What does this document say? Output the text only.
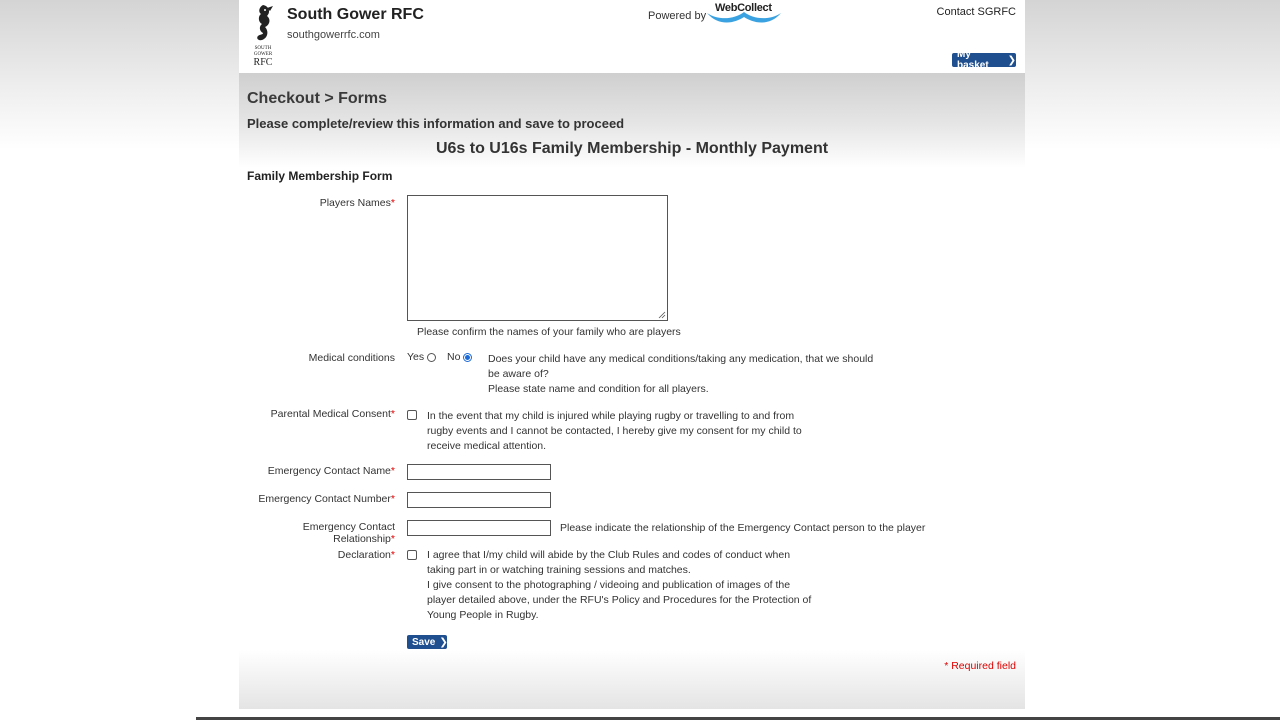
SOUTH
GOWER
RFC
South Gower RFC
southgowerrfc.com
Powered by
WebCollect	Contact SGRFC
My basket	❯
Checkout > Forms
Please complete/review this information and save to proceed
U6s to U16s Family Membership - Monthly Payment
Family Membership Form
Players Names*
Please confirm the names of your family who are players
Medical conditions Yes No	Does your child have any medical conditions/taking any medication, that we should
be aware of?
Please state name and condition for all players.
Parental Medical Consent*	In the event that my child is injured while playing rugby or travelling to and from
rugby events and I cannot be contacted, I hereby give my consent for my child to
receive medical attention.
Emergency Contact Name*
Emergency Contact Number*
Emergency Contact Relationship*
Please indicate the relationship of the Emergency Contact person to the player
Declaration*	I agree that I/my child will abide by the Club Rules and codes of conduct when
taking part in or watching training sessions and matches.
I give consent to the photographing / videoing and publication of images of the
player detailed above, under the RFU's Policy and Procedures for the Protection of
Young People in Rugby.
Save ❯
* Required field
